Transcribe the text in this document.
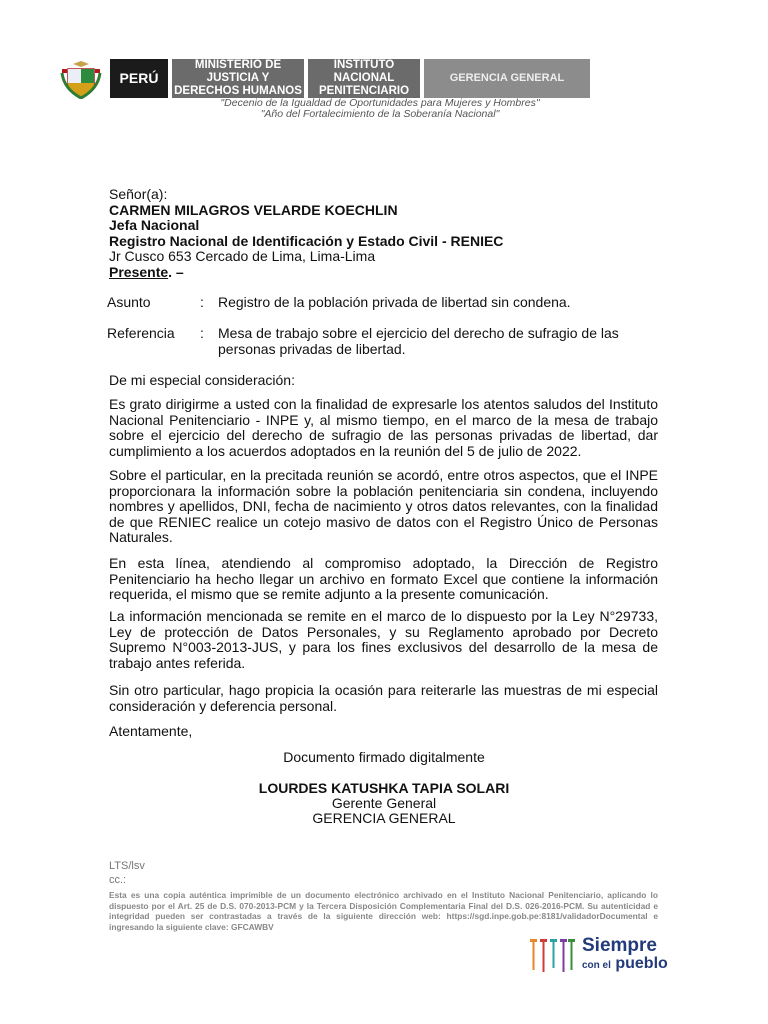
PERÚ
MINISTERIO DE JUSTICIA Y
DERECHOS HUMANOS
INSTITUTO NACIONAL
PENITENCIARIO
GERENCIA GENERAL
"Decenio de la Igualdad de Oportunidades para Mujeres y Hombres"
"Año del Fortalecimiento de la Soberanía Nacional"
Señor(a):
CARMEN MILAGROS VELARDE KOECHLIN
Jefa Nacional
Registro Nacional de Identificación y Estado Civil - RENIEC
Jr Cusco 653 Cercado de Lima, Lima-Lima
Presente. –
Asunto	: Registro de la población privada de libertad sin condena.
Referencia : Mesa de trabajo sobre el ejercicio del derecho de sufragio de las
personas privadas de libertad.
De mi especial consideración:
Es grato dirigirme a usted con la finalidad de expresarle los atentos saludos del Instituto Nacional Penitenciario - INPE y, al mismo tiempo, en el marco de la mesa de trabajo sobre el ejercicio del derecho de sufragio de las personas privadas de libertad, dar cumplimiento a los acuerdos adoptados en la reunión del 5 de julio de 2022.
Sobre el particular, en la precitada reunión se acordó, entre otros aspectos, que el INPE proporcionara la información sobre la población penitenciaria sin condena, incluyendo nombres y apellidos, DNI, fecha de nacimiento y otros datos relevantes, con la finalidad de que RENIEC realice un cotejo masivo de datos con el Registro Único de Personas Naturales.
En esta línea, atendiendo al compromiso adoptado, la Dirección de Registro Penitenciario ha hecho llegar un archivo en formato Excel que contiene la información requerida, el mismo que se remite adjunto a la presente comunicación.
La información mencionada se remite en el marco de lo dispuesto por la Ley N°29733, Ley de protección de Datos Personales, y su Reglamento aprobado por Decreto Supremo N°003-2013-JUS, y para los fines exclusivos del desarrollo de la mesa de trabajo antes referida.
Sin otro particular, hago propicia la ocasión para reiterarle las muestras de mi especial consideración y deferencia personal.
Atentamente,
Documento firmado digitalmente
LOURDES KATUSHKA TAPIA SOLARI
Gerente General
GERENCIA GENERAL
LTS/lsv
cc.:
Esta es una copia auténtica imprimible de un documento electrónico archivado en el Instituto Nacional Penitenciario, aplicando lo dispuesto por el Art. 25 de D.S. 070-2013-PCM y la Tercera Disposición Complementaria Final del D.S. 026-2016-PCM. Su autenticidad e integridad pueden ser contrastadas a través de la siguiente dirección web: https://sgd.inpe.gob.pe:8181/validadorDocumental e ingresando la siguiente clave: GFCAWBV
Siempre
con el pueblo
